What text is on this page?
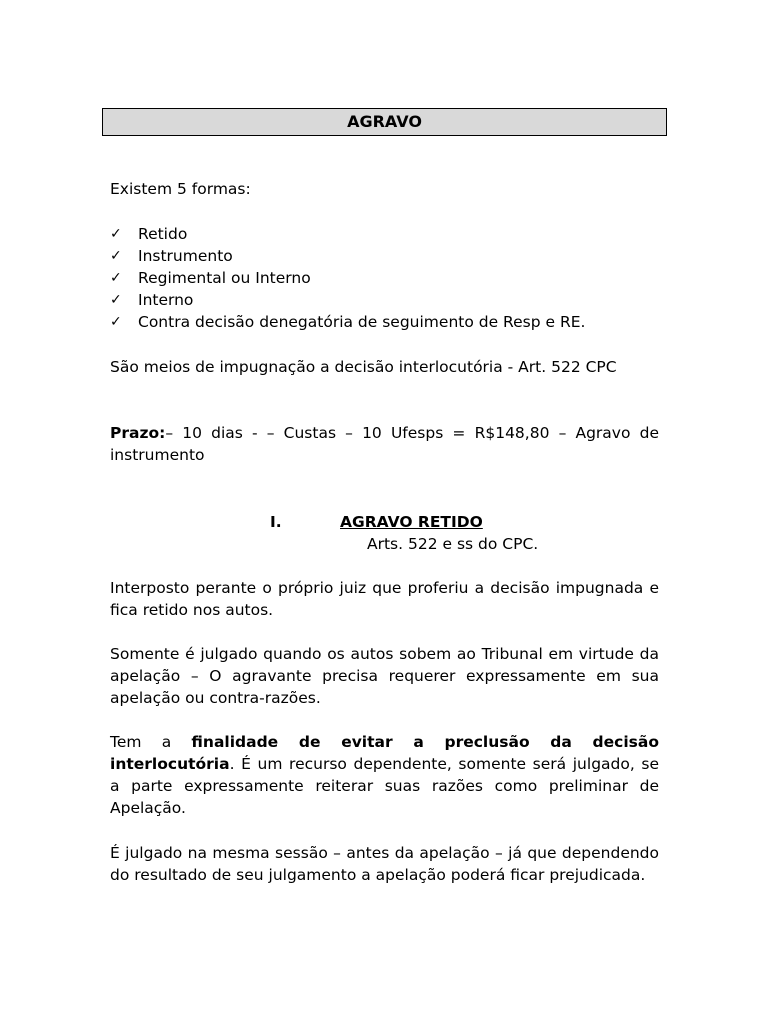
AGRAVO
Existem 5 formas:
✓ Retido
✓ Instrumento
✓ Regimental ou Interno
✓ Interno
✓ Contra decisão denegatória de seguimento de Resp e RE.
São meios de impugnação a decisão interlocutória - Art. 522 CPC
Prazo:– 10 dias - – Custas – 10 Ufesps = R$148,80 – Agravo de instrumento
I.	AGRAVO RETIDO
Arts. 522 e ss do CPC.
Interposto perante o próprio juiz que proferiu a decisão impugnada e fica retido nos autos.
Somente é julgado quando os autos sobem ao Tribunal em virtude da apelação – O agravante precisa requerer expressamente em sua apelação ou contra-razões.
Tem a finalidade de evitar a preclusão da decisão interlocutória. É um recurso dependente, somente será julgado, se a parte expressamente reiterar suas razões como preliminar de Apelação.
É julgado na mesma sessão – antes da apelação – já que dependendo do resultado de seu julgamento a apelação poderá ficar prejudicada.
